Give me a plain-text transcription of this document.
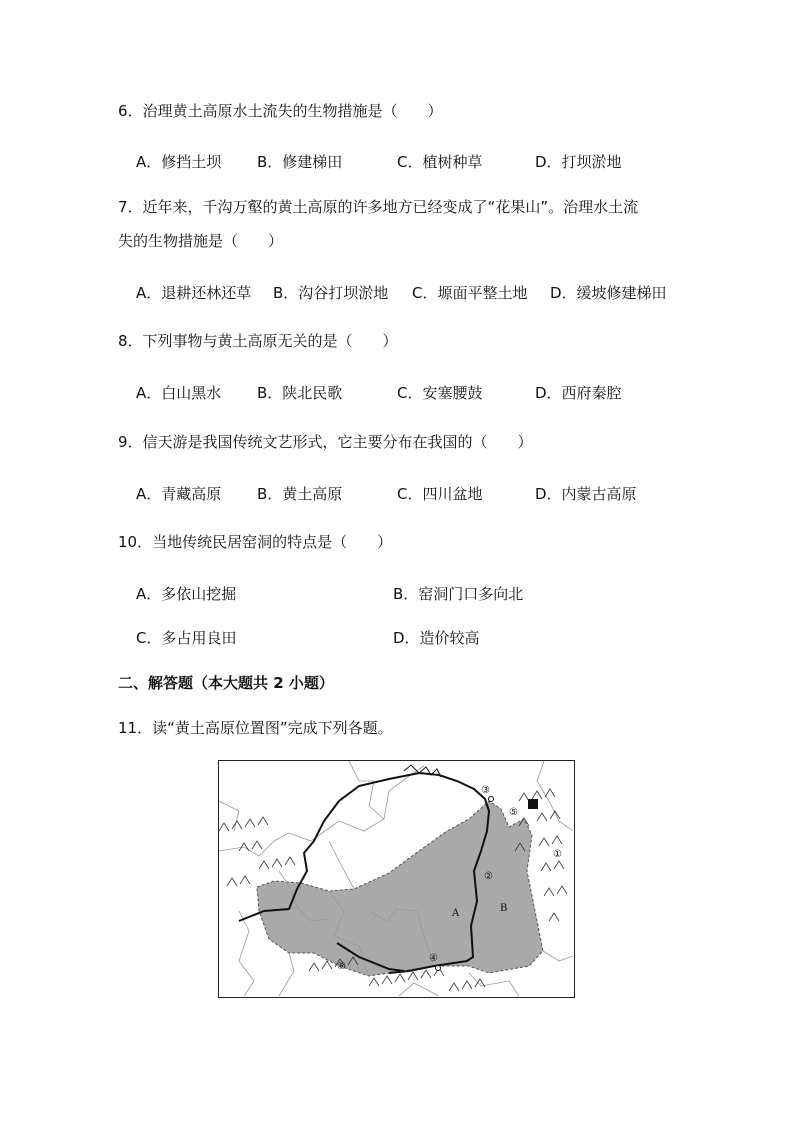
6．治理黄土高原水土流失的生物措施是（　　）
A．修挡土坝 B．修建梯田	C．植树种草	D．打坝淤地
7．近年来，千沟万壑的黄土高原的许多地方已经变成了“花果山”。治理水土流
失的生物措施是（　　）
A．退耕还林还草 B．沟谷打坝淤地 C．塬面平整土地 D．缓坡修建梯田
8．下列事物与黄土高原无关的是（　　）
A．白山黑水 B．陕北民歌	C．安塞腰鼓	D．西府秦腔
9．信天游是我国传统文艺形式，它主要分布在我国的（　　）
A．青藏高原 B．黄土高原	C．四川盆地	D．内蒙古高原
10．当地传统民居窑洞的特点是（　　）
A．多依山挖掘	B．窑洞门口多向北
C．多占用良田	D．造价较高
二、解答题（本大题共 2 小题）
11．读“黄土高原位置图”完成下列各题。
③
⑤
①
②
A	B
④
⑥
